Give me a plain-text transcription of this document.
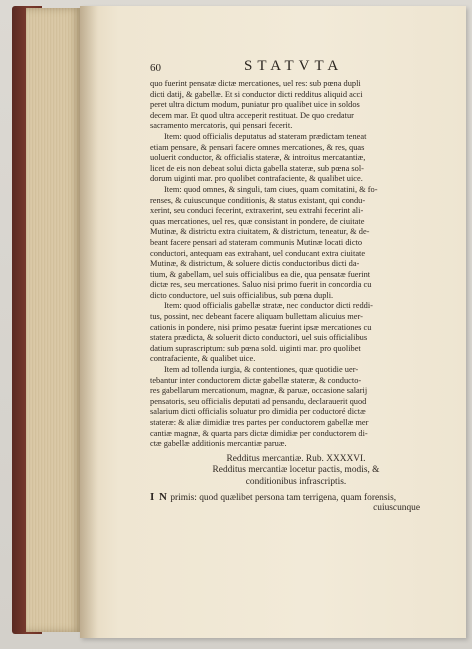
60	STATVTA
quo fuerint pensatæ dictæ mercationes, uel res: sub pœna dupli
dicti datij, & gabellæ. Et si conductor dicti redditus aliquid acci
peret ultra dictum modum, puniatur pro qualibet uice in soldos
decem mar. Et quod ultra acceperit restituat. De quo credatur
sacramento mercatoris, qui pensari fecerit.
Item: quod officialis deputatus ad stateram prædictam teneat
etiam pensare, & pensari facere omnes mercationes, & res, quas
uoluerit conductor, & officialis stateræ, & introitus mercatantiæ,
licet de eis non debeat solui dicta gabella stateræ, sub pœna sol-
dorum uiginti mar. pro quolibet contrafaciente, & qualibet uice.
Item: quod omnes, & singuli, tam ciues, quam comitatini, & fo-
renses, & cuiuscunque conditionis, & status existant, qui condu-
xerint, seu conduci fecerint, extraxerint, seu extrahi fecerint ali-
quas mercationes, uel res, quæ consistant in pondere, de ciuitate
Mutinæ, & districtu extra ciuitatem, & districtum, teneatur, & de-
beant facere pensari ad stateram communis Mutinæ locati dicto
conductori, antequam eas extrahant, uel conducant extra ciuitate
Mutinæ, & districtum, & soluere dictis conductoribus dicti da-
tium, & gabellam, uel suis officialibus ea die, qua pensatæ fuerint
dictæ res, seu mercationes. Saluo nisi primo fuerit in concordia cu
dicto conductore, uel suis officialibus, sub pœna dupli.
Item: quod officialis gabellæ stratæ, nec conductor dicti reddi-
tus, possint, nec debeant facere aliquam bullettam alicuius mer-
cationis in pondere, nisi primo pesatæ fuerint ipsæ mercationes cu
statera prædicta, & soluerit dicto conductori, uel suis officialibus
datium suprascriptum: sub pœna sold. uiginti mar. pro quolibet
contrafaciente, & qualibet uice.
Item ad tollenda iurgia, & contentiones, quæ quotidie uer-
tebantur inter conductorem dictæ gabellæ stateræ, & conducto-
res gabellarum mercationum, magnæ, & paruæ, occasione salarij
pensatoris, seu officialis deputati ad pensandu, declarauerit quod
salarium dicti officialis soluatur pro dimidia per coductoré dictæ
stateræ: & aliæ dimidiæ tres partes per conductorem gabellæ mer
cantiæ magnæ, & quarta pars dictæ dimidiæ per conductorem di-
ctæ gabellæ additionis mercantiæ paruæ.
Redditus mercantiæ. Rub. XXXXVI.
Redditus mercantiæ locetur pactis, modis, &
conditionibus infrascriptis.
I N primis: quod quælibet persona tam terrigena, quam forensis,
cuiuscunque
